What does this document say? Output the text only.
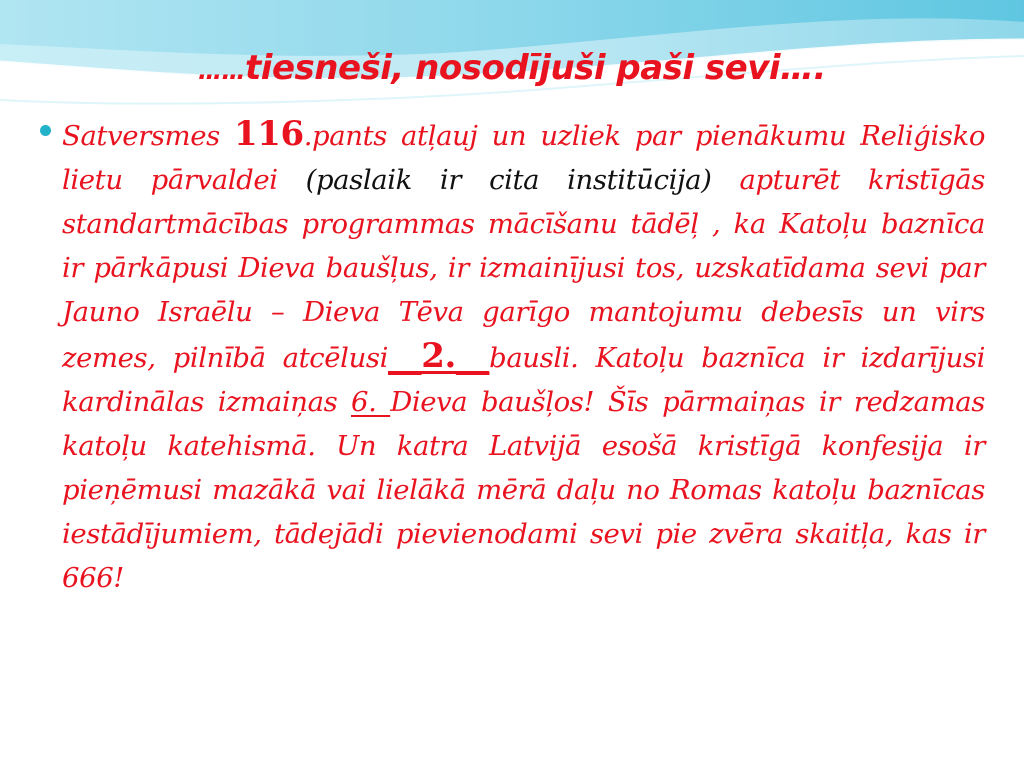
……tiesneši, nosodījuši paši sevi….

Satversmes 116.pants atļauj un uzliek par pienākumu Reliģisko lietu pārvaldei (paslaik ir cita institūcija) apturēt kristīgās standartmācības programmas mācīšanu tādēļ , ka Katoļu baznīca ir pārkāpusi Dieva baušļus, ir izmainījusi tos, uzskatīdama sevi par Jauno Israēlu – Dieva Tēva garīgo mantojumu debesīs un virs zemes, pilnībā atcēlusi__2.__bausli. Katoļu baznīca ir izdarījusi kardinālas izmaiņas 6. Dieva baušļos! Šīs pārmaiņas ir redzamas katoļu katehismā. Un katra Latvijā esošā kristīgā konfesija ir pieņēmusi mazākā vai lielākā mērā daļu no Romas katoļu baznīcas iestādījumiem, tādejādi pievienodami sevi pie zvēra skaitļa, kas ir 666!
